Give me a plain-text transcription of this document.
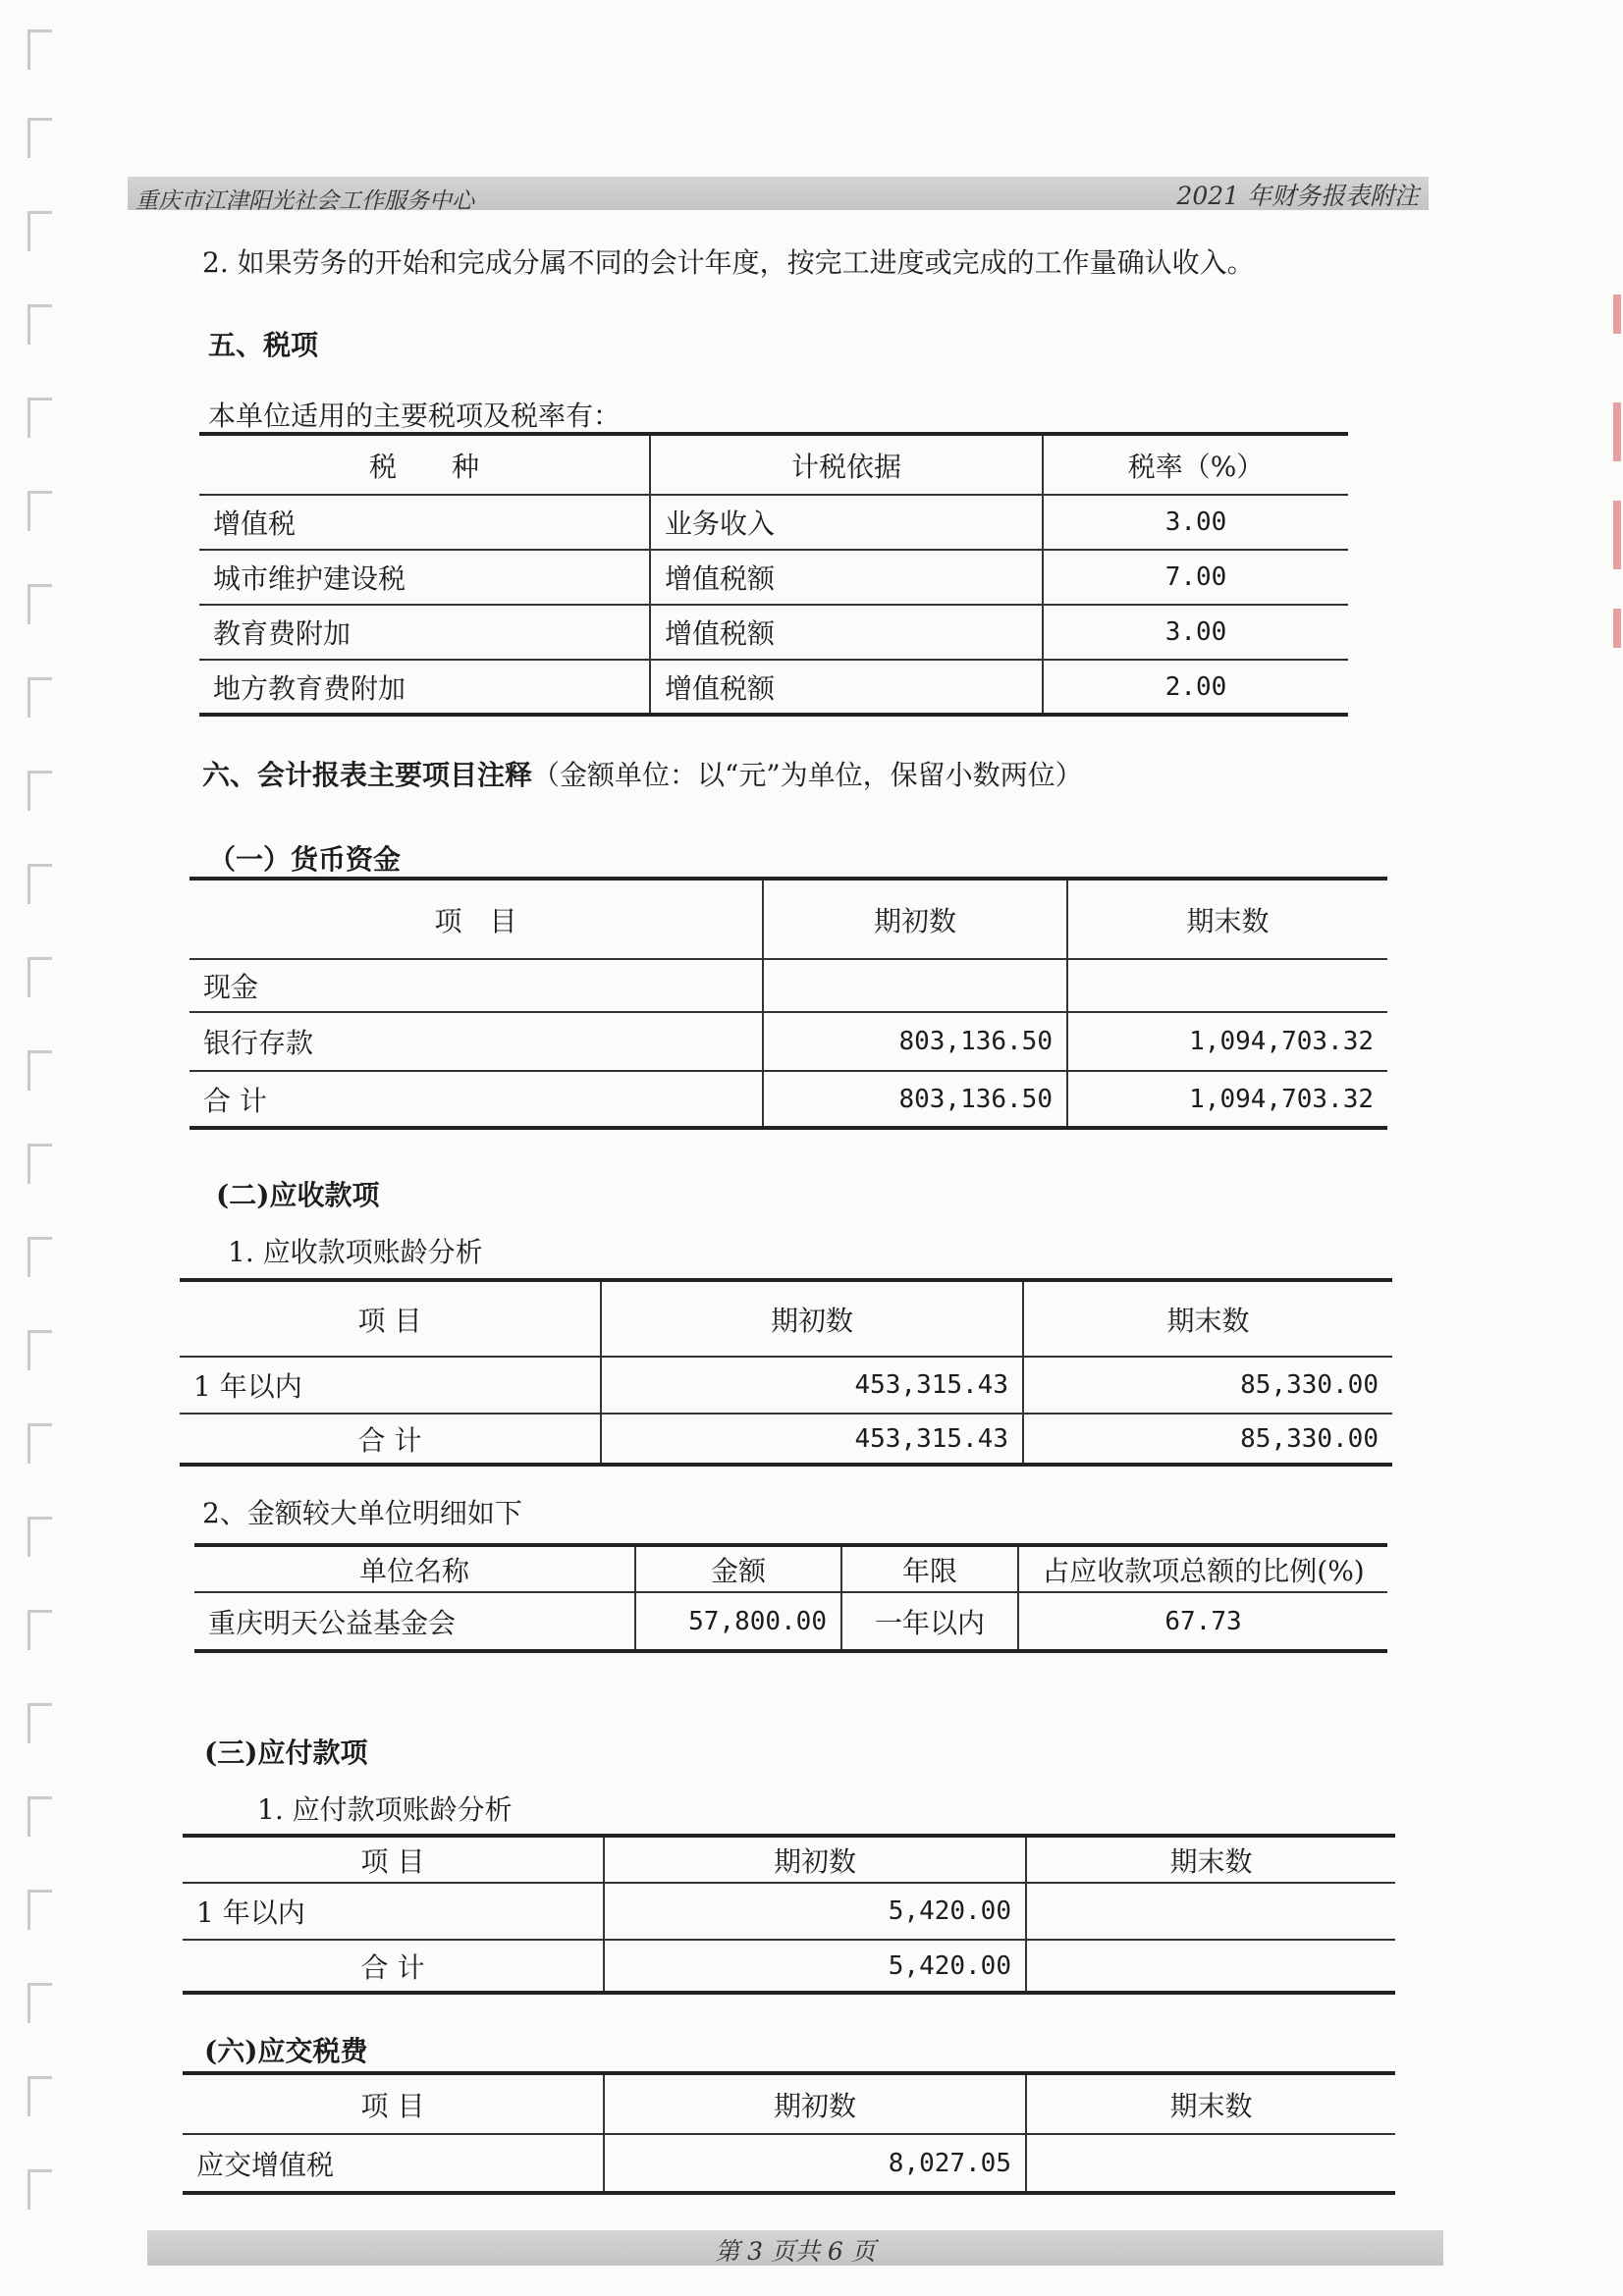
重庆市江津阳光社会工作服务中心	2021 年财务报表附注
2. 如果劳务的开始和完成分属不同的会计年度，按完工进度或完成的工作量确认收入。
五、税项
本单位适用的主要税项及税率有：
税　　种	计税依据	税率（%）
增值税	业务收入	3.00
城市维护建设税	增值税额	7.00
教育费附加	增值税额	3.00
地方教育费附加	增值税额	2.00
六、会计报表主要项目注释（金额单位：以“元”为单位，保留小数两位）
（一）货币资金
项　目	期初数	期末数
现金		
银行存款	803,136.50	1,094,703.32
合 计	803,136.50	1,094,703.32
(二)应收款项
1. 应收款项账龄分析
项 目	期初数	期末数
1 年以内	453,315.43	85,330.00
合 计	453,315.43	85,330.00
2、金额较大单位明细如下
单位名称	金额	年限	占应收款项总额的比例(%)
重庆明天公益基金会	57,800.00	一年以内	67.73
(三)应付款项
1. 应付款项账龄分析
项 目	期初数	期末数
1 年以内	5,420.00	
合 计	5,420.00	
(六)应交税费
项 目	期初数	期末数
应交增值税	8,027.05	
第 3 页共 6 页
